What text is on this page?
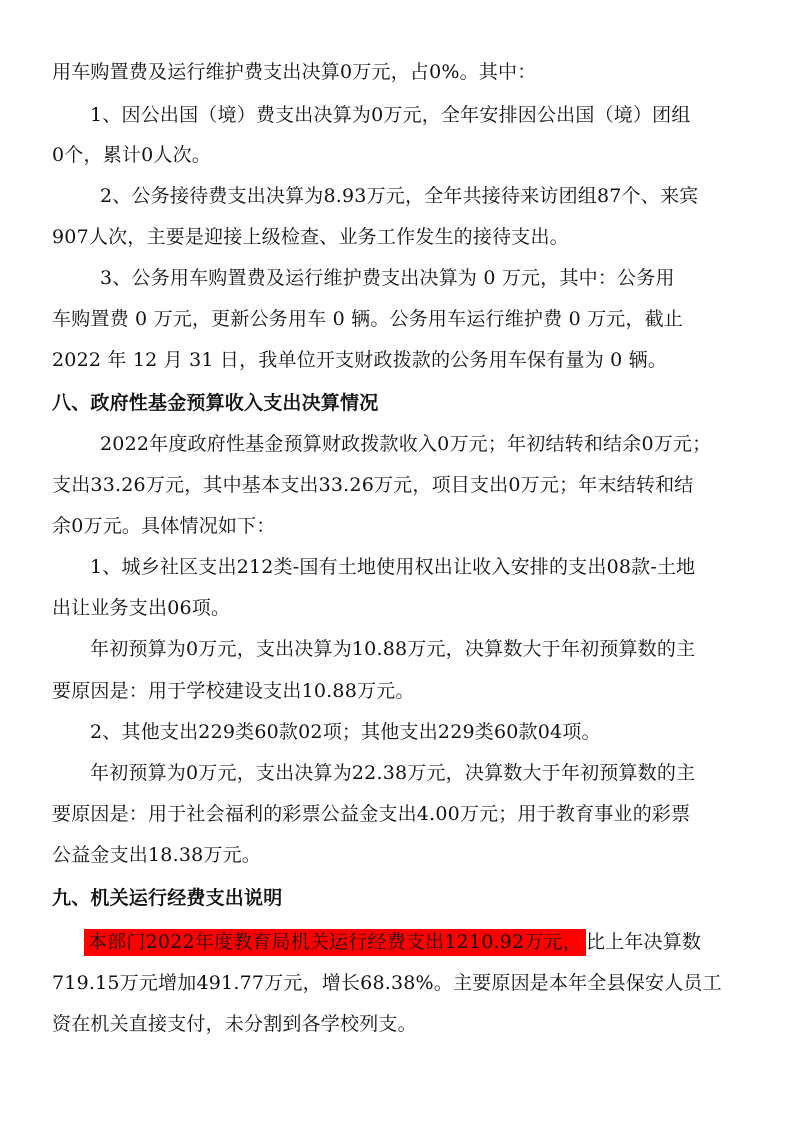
用车购置费及运行维护费支出决算0万元，占0%。其中：
1、因公出国（境）费支出决算为0万元，全年安排因公出国（境）团组
0个，累计0人次。
2、公务接待费支出决算为8.93万元，全年共接待来访团组87个、来宾
907人次，主要是迎接上级检查、业务工作发生的接待支出。
3、公务用车购置费及运行维护费支出决算为 0 万元，其中：公务用
车购置费 0 万元，更新公务用车 0 辆。公务用车运行维护费 0 万元，截止
2022 年 12 月 31 日，我单位开支财政拨款的公务用车保有量为 0 辆。
八、政府性基金预算收入支出决算情况
2022年度政府性基金预算财政拨款收入0万元；年初结转和结余0万元；
支出33.26万元，其中基本支出33.26万元，项目支出0万元；年末结转和结
余0万元。具体情况如下：
1、城乡社区支出212类-国有土地使用权出让收入安排的支出08款-土地
出让业务支出06项。
年初预算为0万元，支出决算为10.88万元，决算数大于年初预算数的主
要原因是：用于学校建设支出10.88万元。
2、其他支出229类60款02项；其他支出229类60款04项。
年初预算为0万元，支出决算为22.38万元，决算数大于年初预算数的主
要原因是：用于社会福利的彩票公益金支出4.00万元；用于教育事业的彩票
公益金支出18.38万元。
九、机关运行经费支出说明
本部门2022年度教育局机关运行经费支出1210.92万元， 比上年决算数
719.15万元增加491.77万元，增长68.38%。主要原因是本年全县保安人员工
资在机关直接支付，未分割到各学校列支。
